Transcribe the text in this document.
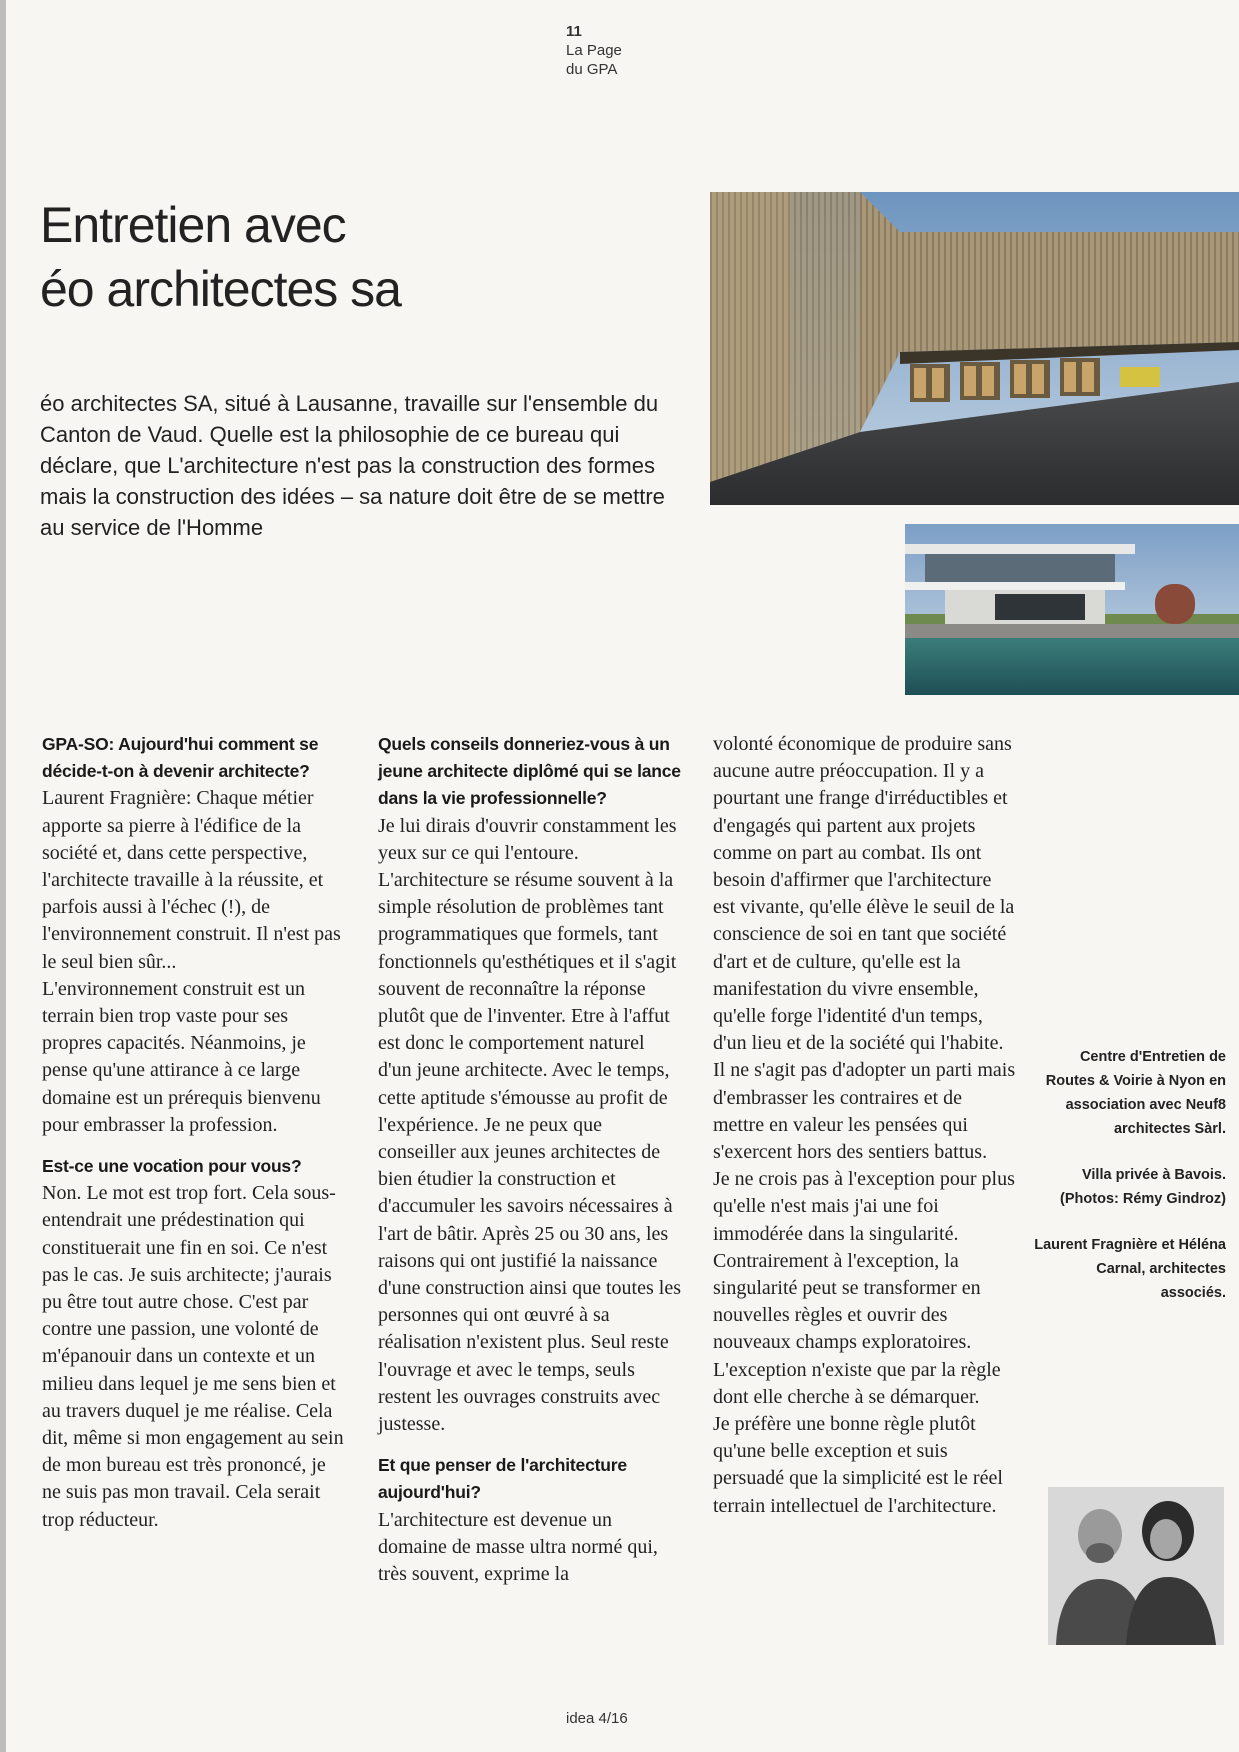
11
La Page
du GPA
Entretien avec
éo architectes sa

éo architectes SA, situé à Lausanne, travaille sur l'ensemble du Canton de Vaud. Quelle est la philosophie de ce bureau qui déclare, que L'architecture n'est pas la construction des formes mais la construction des idées – sa nature doit être de se mettre au service de l'Homme

GPA-SO: Aujourd'hui comment se décide-t-on à devenir architecte?

Laurent Fragnière: Chaque métier apporte sa pierre à l'édifice de la société et, dans cette perspective, l'architecte travaille à la réussite, et parfois aussi à l'échec (!), de l'environnement construit. Il n'est pas le seul bien sûr...

L'environnement construit est un terrain bien trop vaste pour ses propres capacités. Néanmoins, je pense qu'une attirance à ce large domaine est un prérequis bienvenu pour embrasser la profession.

Est-ce une vocation pour vous?

Non. Le mot est trop fort. Cela sous-entendrait une prédestination qui constituerait une fin en soi. Ce n'est pas le cas. Je suis architecte; j'aurais pu être tout autre chose. C'est par contre une passion, une volonté de m'épanouir dans un contexte et un milieu dans lequel je me sens bien et au travers duquel je me réalise. Cela dit, même si mon engagement au sein de mon bureau est très prononcé, je ne suis pas mon travail. Cela serait trop réducteur.

Quels conseils donneriez-vous à un jeune architecte diplômé qui se lance dans la vie professionnelle?

Je lui dirais d'ouvrir constamment les yeux sur ce qui l'entoure. L'architecture se résume souvent à la simple résolution de problèmes tant programmatiques que formels, tant fonctionnels qu'esthétiques et il s'agit souvent de reconnaître la réponse plutôt que de l'inventer. Etre à l'affut est donc le comportement naturel d'un jeune architecte. Avec le temps, cette aptitude s'émousse au profit de l'expérience. Je ne peux que conseiller aux jeunes architectes de bien étudier la construction et d'accumuler les savoirs nécessaires à l'art de bâtir. Après 25 ou 30 ans, les raisons qui ont justifié la naissance d'une construction ainsi que toutes les personnes qui ont œuvré à sa réalisation n'existent plus. Seul reste l'ouvrage et avec le temps, seuls restent les ouvrages construits avec justesse.

Et que penser de l'architecture aujourd'hui?

L'architecture est devenue un domaine de masse ultra normé qui, très souvent, exprime la

volonté économique de produire sans aucune autre préoccupation. Il y a pourtant une frange d'irréductibles et d'engagés qui partent aux projets comme on part au combat. Ils ont besoin d'affirmer que l'architecture est vivante, qu'elle élève le seuil de la conscience de soi en tant que société d'art et de culture, qu'elle est la manifestation du vivre ensemble, qu'elle forge l'identité d'un temps, d'un lieu et de la société qui l'habite. Il ne s'agit pas d'adopter un parti mais d'embrasser les contraires et de mettre en valeur les pensées qui s'exercent hors des sentiers battus.

Je ne crois pas à l'exception pour plus qu'elle n'est mais j'ai une foi immodérée dans la singularité. Contrairement à l'exception, la singularité peut se transformer en nouvelles règles et ouvrir des nouveaux champs exploratoires. L'exception n'existe que par la règle dont elle cherche à se démarquer.

Je préfère une bonne règle plutôt qu'une belle exception et suis persuadé que la simplicité est le réel terrain intellectuel de l'architecture.

Centre d'Entretien de Routes & Voirie à Nyon en association avec Neuf8 architectes Sàrl.

Villa privée à Bavois. (Photos: Rémy Gindroz)

Laurent Fragnière et Héléna Carnal, architectes associés.

idea 4/16
